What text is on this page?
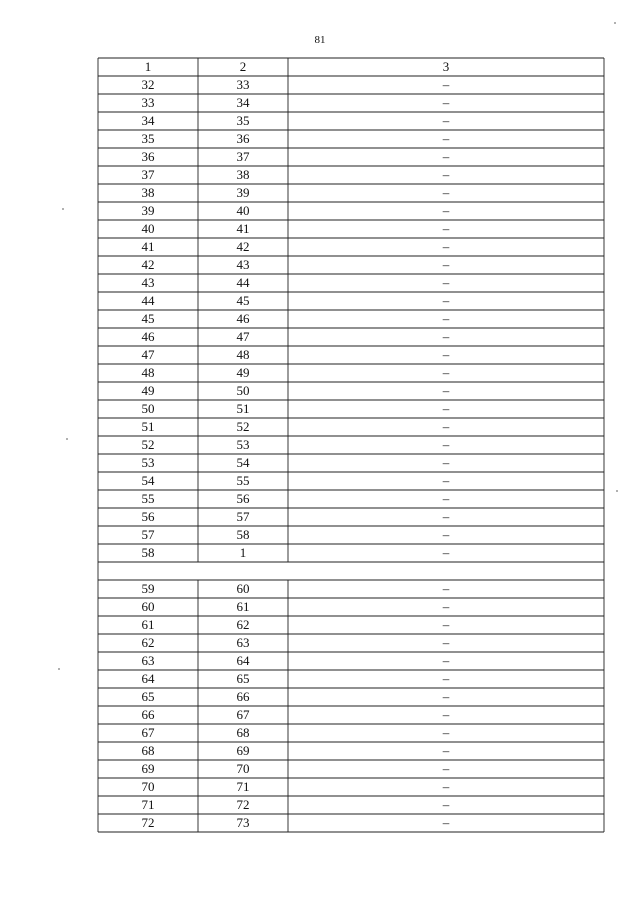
81
1	2	3
32	33	–
33	34	–
34	35	–
35	36	–
36	37	–
37	38	–
38	39	–
39	40	–
40	41	–
41	42	–
42	43	–
43	44	–
44	45	–
45	46	–
46	47	–
47	48	–
48	49	–
49	50	–
50	51	–
51	52	–
52	53	–
53	54	–
54	55	–
55	56	–
56	57	–
57	58	–
58	1	–
59	60	–
60	61	–
61	62	–
62	63	–
63	64	–
64	65	–
65	66	–
66	67	–
67	68	–
68	69	–
69	70	–
70	71	–
71	72	–
72	73	–
